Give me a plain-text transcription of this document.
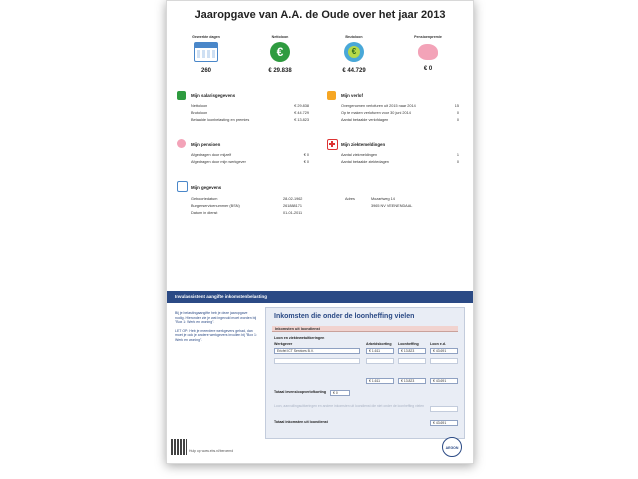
Jaaropgave van A.A. de Oude over het jaar 2013
Gewerkte dagen
260
Nettoloon
€
€ 29.838
Brutoloon
€
€ 44.729
Pensioenpremie
€ 0
Mijn salarisgegevens
Nettoloon	€ 29.838
Brutoloon	€ 44.729
Betaalde loonbelasting en premies	€ 13.823
Mijn verlof
Overgenomen verlofuren uit 2015 naar 2014	15
Op te maken verlofuren voor 30 juni 2014	0
Aantal betaalde verlofdagen	0
Mijn pensioen
Afgedragen door mijzelf	€ 0
Afgedragen door mijn werkgever	€ 0
Mijn ziektemeldingen
Aantal ziekmeldingen	1
Aantal betaalde ziektedagen	0
Mijn gegevens
Geboortedatum	28-02-1962
Burgerservicenummer (BSN)	261888171
Datum in dienst	01-01-2011
Adres	Mozartweg 14
3965 NV VEENENDAAL
Invulassistent aangifte inkomstenbelasting
Bij je belastingaangifte heb je deze jaaropgave nodig. Hieronder zie je wat ingevuld moet worden bij "Box 1: Werk en woning".
LET OP: Heb je meerdere werkgevers gehad, dan moet je ook je andere werkgevers invullen bij "Box 1: Werk en woning".
Inkomsten die onder de loonheffing vielen
Inkomsten uit loondienst
Loon en ziektewetuitkeringen
Werkgever	Arbeidskorting Loonheffing	Loon e.d.
Ericfel ICT Services B.V.	€ 1.611	€ 13.823	€ 43.691
€ 1.611	€ 13.823	€ 43.691
Totaal levensloopverlofkorting	€ 0
Loon, aanvullingsuitkeringen en andere inkomsten uit loondienst die niet onder de loonheffing vielen
Totaal inkomsten uit loondienst	€ 43.691
Hulp op www.ebs.nl/beroemd
AEGON
